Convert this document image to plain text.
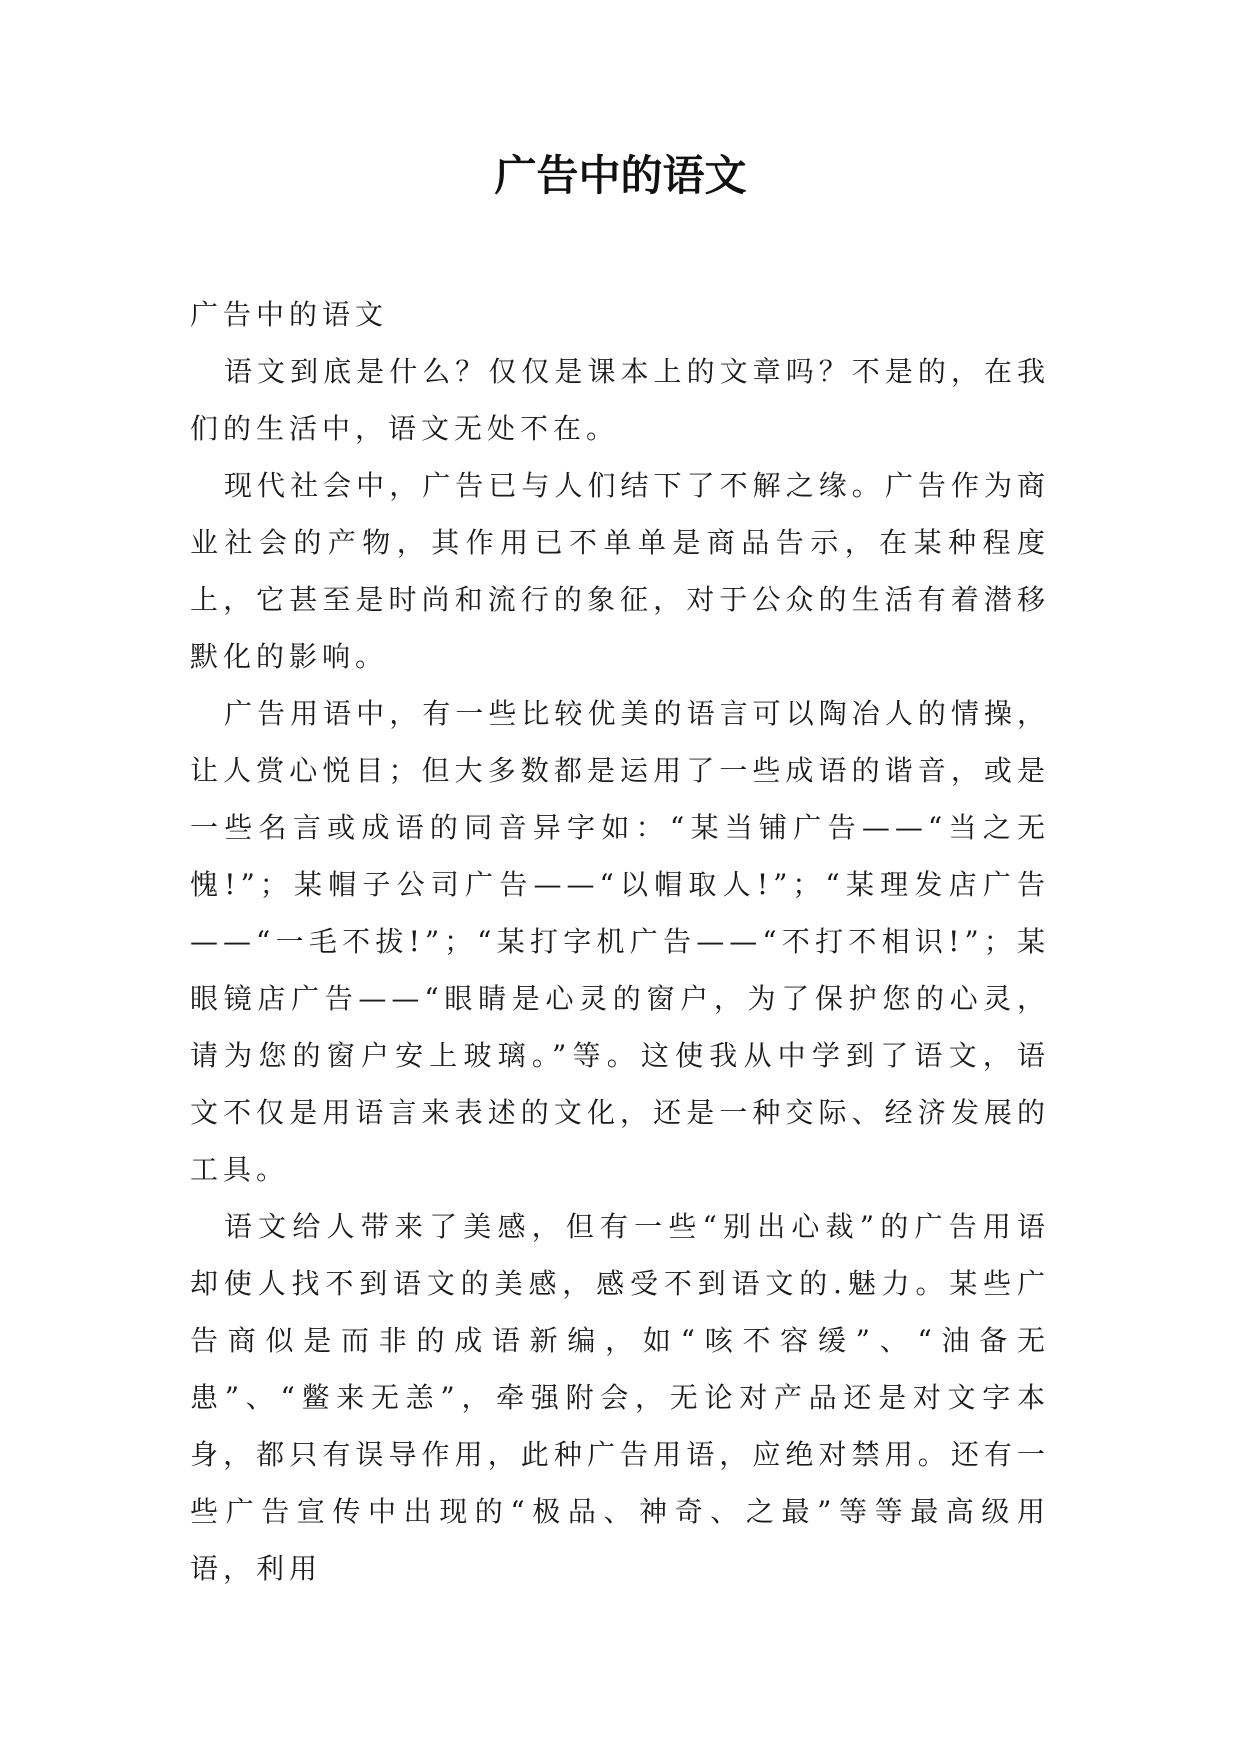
广告中的语文

广告中的语文

语文到底是什么？仅仅是课本上的文章吗？不是的，在我们的生活中，语文无处不在。

现代社会中，广告已与人们结下了不解之缘。广告作为商业社会的产物，其作用已不单单是商品告示，在某种程度上，它甚至是时尚和流行的象征，对于公众的生活有着潜移默化的影响。

广告用语中，有一些比较优美的语言可以陶冶人的情操，让人赏心悦目；但大多数都是运用了一些成语的谐音，或是一些名言或成语的同音异字如：“某当铺广告——“当之无愧!”；某帽子公司广告——“以帽取人!”；“某理发店广告——“一毛不拔!”；“某打字机广告——“不打不相识!”；某眼镜店广告——“眼睛是心灵的窗户，为了保护您的心灵，请为您的窗户安上玻璃。”等。这使我从中学到了语文，语文不仅是用语言来表述的文化，还是一种交际、经济发展的工具。

语文给人带来了美感，但有一些“别出心裁”的广告用语却使人找不到语文的美感，感受不到语文的.魅力。某些广告商似是而非的成语新编，如“咳不容缓”、“油备无患”、“鳖来无恙”，牵强附会，无论对产品还是对文字本身，都只有误导作用，此种广告用语，应绝对禁用。还有一些广告宣传中出现的“极品、神奇、之最”等等最高级用语，利用
